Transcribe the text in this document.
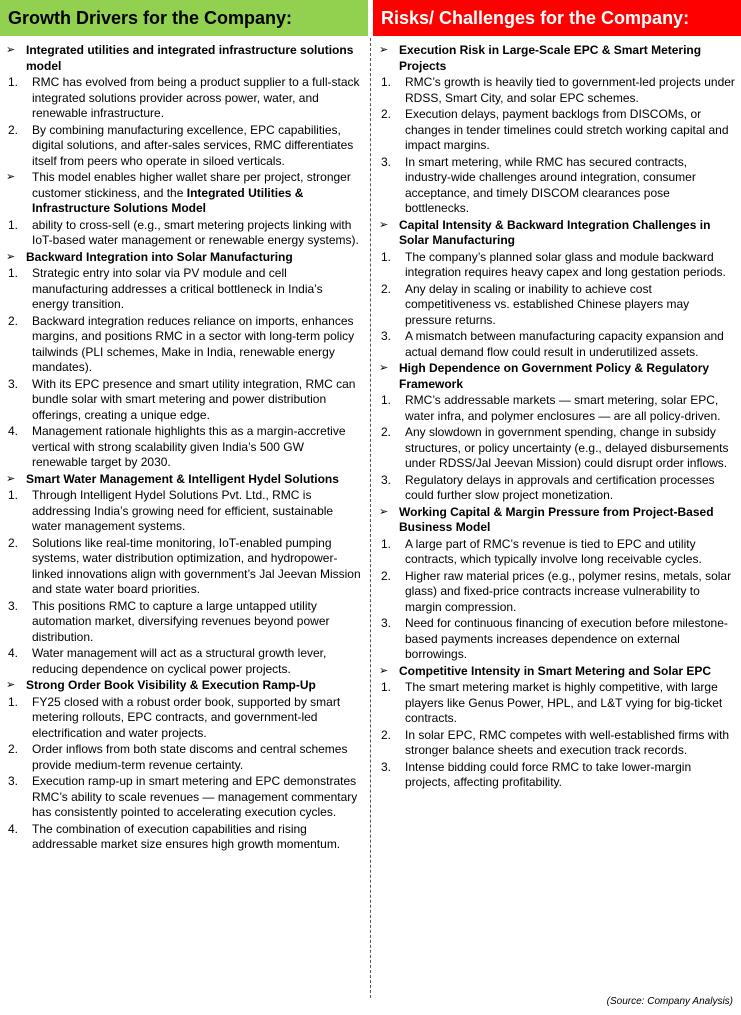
Growth Drivers for the Company:
➢ Integrated utilities and integrated infrastructure solutions model
1. RMC has evolved from being a product supplier to a full-stack integrated solutions provider across power, water, and renewable infrastructure.
2. By combining manufacturing excellence, EPC capabilities, digital solutions, and after-sales services, RMC differentiates itself from peers who operate in siloed verticals.
➢ This model enables higher wallet share per project, stronger customer stickiness, and the Integrated Utilities & Infrastructure Solutions Model
1. ability to cross-sell (e.g., smart metering projects linking with IoT-based water management or renewable energy systems).
➢ Backward Integration into Solar Manufacturing
1. Strategic entry into solar via PV module and cell manufacturing addresses a critical bottleneck in India’s energy transition.
2. Backward integration reduces reliance on imports, enhances margins, and positions RMC in a sector with long-term policy tailwinds (PLI schemes, Make in India, renewable energy mandates).
3. With its EPC presence and smart utility integration, RMC can bundle solar with smart metering and power distribution offerings, creating a unique edge.
4. Management rationale highlights this as a margin-accretive vertical with strong scalability given India’s 500 GW renewable target by 2030.
➢ Smart Water Management & Intelligent Hydel Solutions
1. Through Intelligent Hydel Solutions Pvt. Ltd., RMC is addressing India’s growing need for efficient, sustainable water management systems.
2. Solutions like real-time monitoring, IoT-enabled pumping systems, water distribution optimization, and hydropower-linked innovations align with government’s Jal Jeevan Mission and state water board priorities.
3. This positions RMC to capture a large untapped utility automation market, diversifying revenues beyond power distribution.
4. Water management will act as a structural growth lever, reducing dependence on cyclical power projects.
➢ Strong Order Book Visibility & Execution Ramp-Up
1. FY25 closed with a robust order book, supported by smart metering rollouts, EPC contracts, and government-led electrification and water projects.
2. Order inflows from both state discoms and central schemes provide medium-term revenue certainty.
3. Execution ramp-up in smart metering and EPC demonstrates RMC’s ability to scale revenues — management commentary has consistently pointed to accelerating execution cycles.
4. The combination of execution capabilities and rising addressable market size ensures high growth momentum.
Risks/ Challenges for the Company:
➢ Execution Risk in Large-Scale EPC & Smart Metering Projects
1. RMC’s growth is heavily tied to government-led projects under RDSS, Smart City, and solar EPC schemes.
2. Execution delays, payment backlogs from DISCOMs, or changes in tender timelines could stretch working capital and impact margins.
3. In smart metering, while RMC has secured contracts, industry-wide challenges around integration, consumer acceptance, and timely DISCOM clearances pose bottlenecks.
➢ Capital Intensity & Backward Integration Challenges in Solar Manufacturing
1. The company’s planned solar glass and module backward integration requires heavy capex and long gestation periods.
2. Any delay in scaling or inability to achieve cost competitiveness vs. established Chinese players may pressure returns.
3. A mismatch between manufacturing capacity expansion and actual demand flow could result in underutilized assets.
➢ High Dependence on Government Policy & Regulatory Framework
1. RMC’s addressable markets — smart metering, solar EPC, water infra, and polymer enclosures — are all policy-driven.
2. Any slowdown in government spending, change in subsidy structures, or policy uncertainty (e.g., delayed disbursements under RDSS/Jal Jeevan Mission) could disrupt order inflows.
3. Regulatory delays in approvals and certification processes could further slow project monetization.
➢ Working Capital & Margin Pressure from Project-Based Business Model
1. A large part of RMC’s revenue is tied to EPC and utility contracts, which typically involve long receivable cycles.
2. Higher raw material prices (e.g., polymer resins, metals, solar glass) and fixed-price contracts increase vulnerability to margin compression.
3. Need for continuous financing of execution before milestone-based payments increases dependence on external borrowings.
➢ Competitive Intensity in Smart Metering and Solar EPC
1. The smart metering market is highly competitive, with large players like Genus Power, HPL, and L&T vying for big-ticket contracts.
2. In solar EPC, RMC competes with well-established firms with stronger balance sheets and execution track records.
3. Intense bidding could force RMC to take lower-margin projects, affecting profitability.
(Source: Company Analysis)
